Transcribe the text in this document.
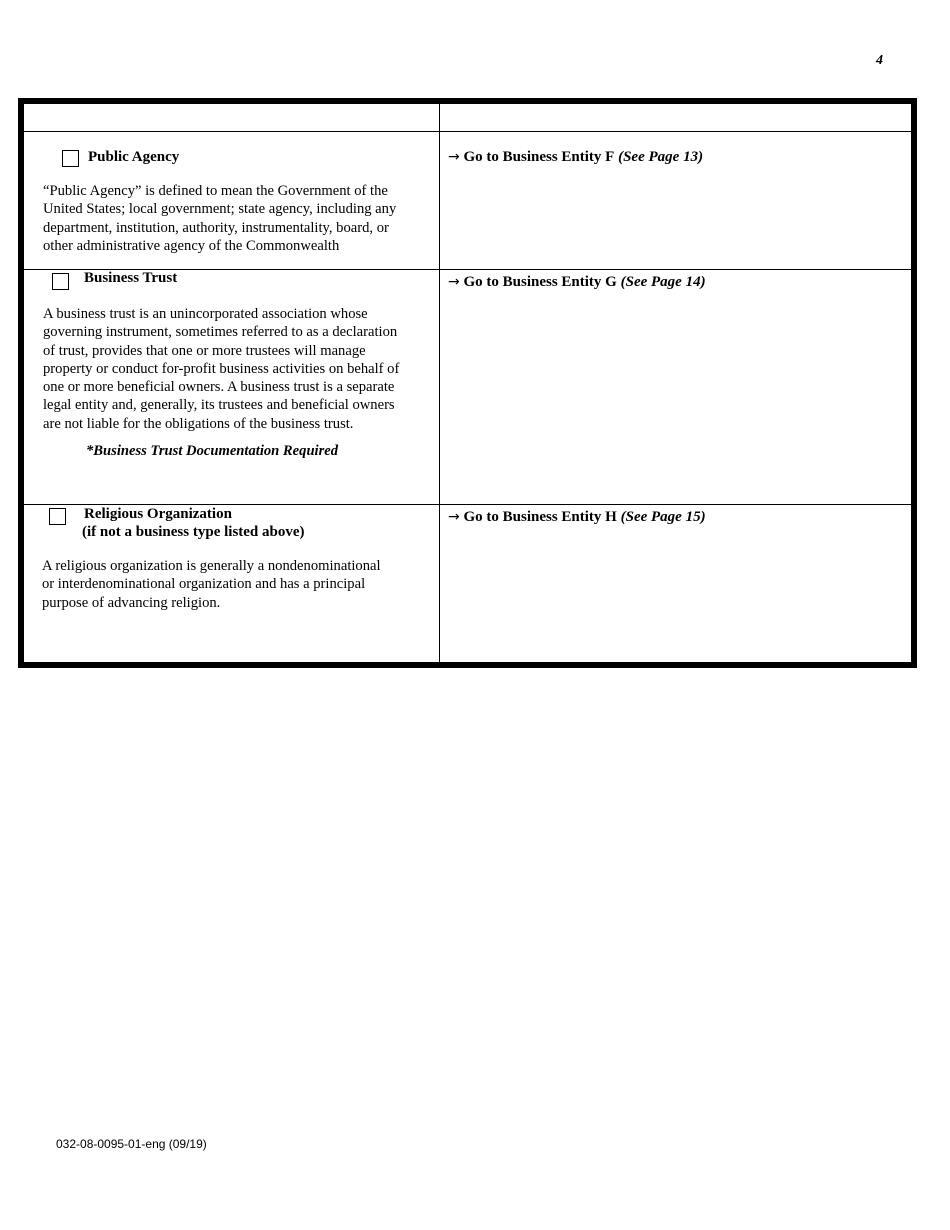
4
Public Agency
“Public Agency” is defined to mean the Government of the
United States; local government; state agency, including any
department, institution, authority, instrumentality, board, or
other administrative agency of the Commonwealth
→ Go to Business Entity F (See Page 13)
Business Trust
A business trust is an unincorporated association whose
governing instrument, sometimes referred to as a declaration
of trust, provides that one or more trustees will manage
property or conduct for-profit business activities on behalf of
one or more beneficial owners. A business trust is a separate
legal entity and, generally, its trustees and beneficial owners
are not liable for the obligations of the business trust.
*Business Trust Documentation Required
→ Go to Business Entity G (See Page 14)
Religious Organization
(if not a business type listed above)
A religious organization is generally a nondenominational
or interdenominational organization and has a principal
purpose of advancing religion.
→ Go to Business Entity H (See Page 15)
032-08-0095-01-eng (09/19)
